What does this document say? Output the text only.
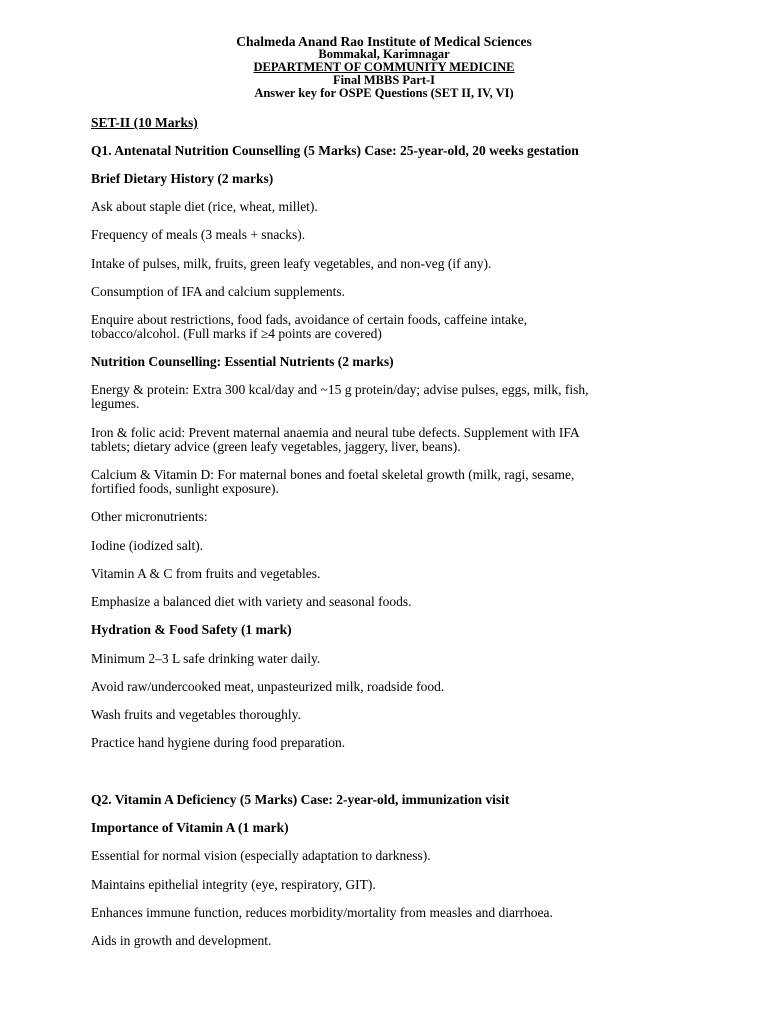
Chalmeda Anand Rao Institute of Medical Sciences
Bommakal, Karimnagar
DEPARTMENT OF COMMUNITY MEDICINE
Final MBBS Part-I
Answer key for OSPE Questions (SET II, IV, VI)
SET-II (10 Marks)
Q1. Antenatal Nutrition Counselling (5 Marks) Case: 25-year-old, 20 weeks gestation
Brief Dietary History (2 marks)
Ask about staple diet (rice, wheat, millet).
Frequency of meals (3 meals + snacks).
Intake of pulses, milk, fruits, green leafy vegetables, and non-veg (if any).
Consumption of IFA and calcium supplements.
Enquire about restrictions, food fads, avoidance of certain foods, caffeine intake,
tobacco/alcohol. (Full marks if ≥4 points are covered)
Nutrition Counselling: Essential Nutrients (2 marks)
Energy & protein: Extra 300 kcal/day and ~15 g protein/day; advise pulses, eggs, milk, fish,
legumes.
Iron & folic acid: Prevent maternal anaemia and neural tube defects. Supplement with IFA
tablets; dietary advice (green leafy vegetables, jaggery, liver, beans).
Calcium & Vitamin D: For maternal bones and foetal skeletal growth (milk, ragi, sesame,
fortified foods, sunlight exposure).
Other micronutrients:
Iodine (iodized salt).
Vitamin A & C from fruits and vegetables.
Emphasize a balanced diet with variety and seasonal foods.
Hydration & Food Safety (1 mark)
Minimum 2–3 L safe drinking water daily.
Avoid raw/undercooked meat, unpasteurized milk, roadside food.
Wash fruits and vegetables thoroughly.
Practice hand hygiene during food preparation.
Q2. Vitamin A Deficiency (5 Marks) Case: 2-year-old, immunization visit
Importance of Vitamin A (1 mark)
Essential for normal vision (especially adaptation to darkness).
Maintains epithelial integrity (eye, respiratory, GIT).
Enhances immune function, reduces morbidity/mortality from measles and diarrhoea.
Aids in growth and development.
